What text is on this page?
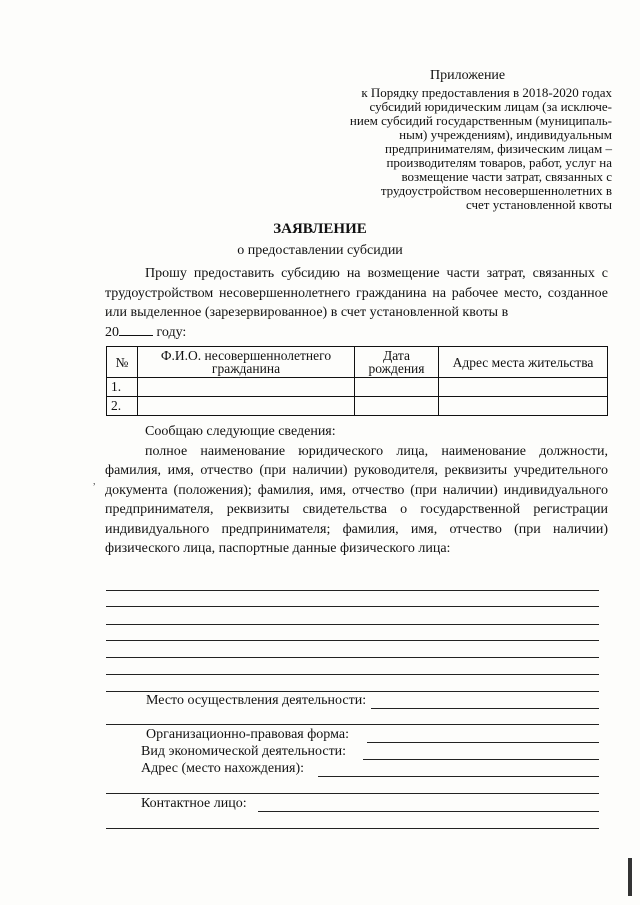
Приложение
к Порядку предоставления в 2018-2020 годах
субсидий юридическим лицам (за исключе-
нием субсидий государственным (муниципаль-
ным) учреждениям), индивидуальным
предпринимателям, физическим лицам –
производителям товаров, работ, услуг на
возмещение части затрат, связанных с
трудоустройством несовершеннолетних в
счет установленной квоты
ЗАЯВЛЕНИЕ
о предоставлении субсидии

Прошу предоставить субсидию на возмещение части затрат, связанных с трудоустройством несовершеннолетнего гражданина на рабочее место, созданное или выделенное (зарезервированное) в счет установленной квоты в
20	году:

№	Ф.И.О. несовершеннолетнего гражданина	Дата рождения	Адрес места жительства
1.			
2.			

Сообщаю следующие сведения:

полное наименование юридического лица, наименование должности, фамилия, имя, отчество (при наличии) руководителя, реквизиты учредительного документа (положения); фамилия, имя, отчество (при наличии) индивидуального предпринимателя, реквизиты свидетельства о государственной регистрации индивидуального предпринимателя; фамилия, имя, отчество (при наличии) физического лица, паспортные данные физического лица:

,
Место осуществления деятельности:
Организационно-правовая форма:
Вид экономической деятельности:
Адрес (место нахождения):
Контактное лицо:
